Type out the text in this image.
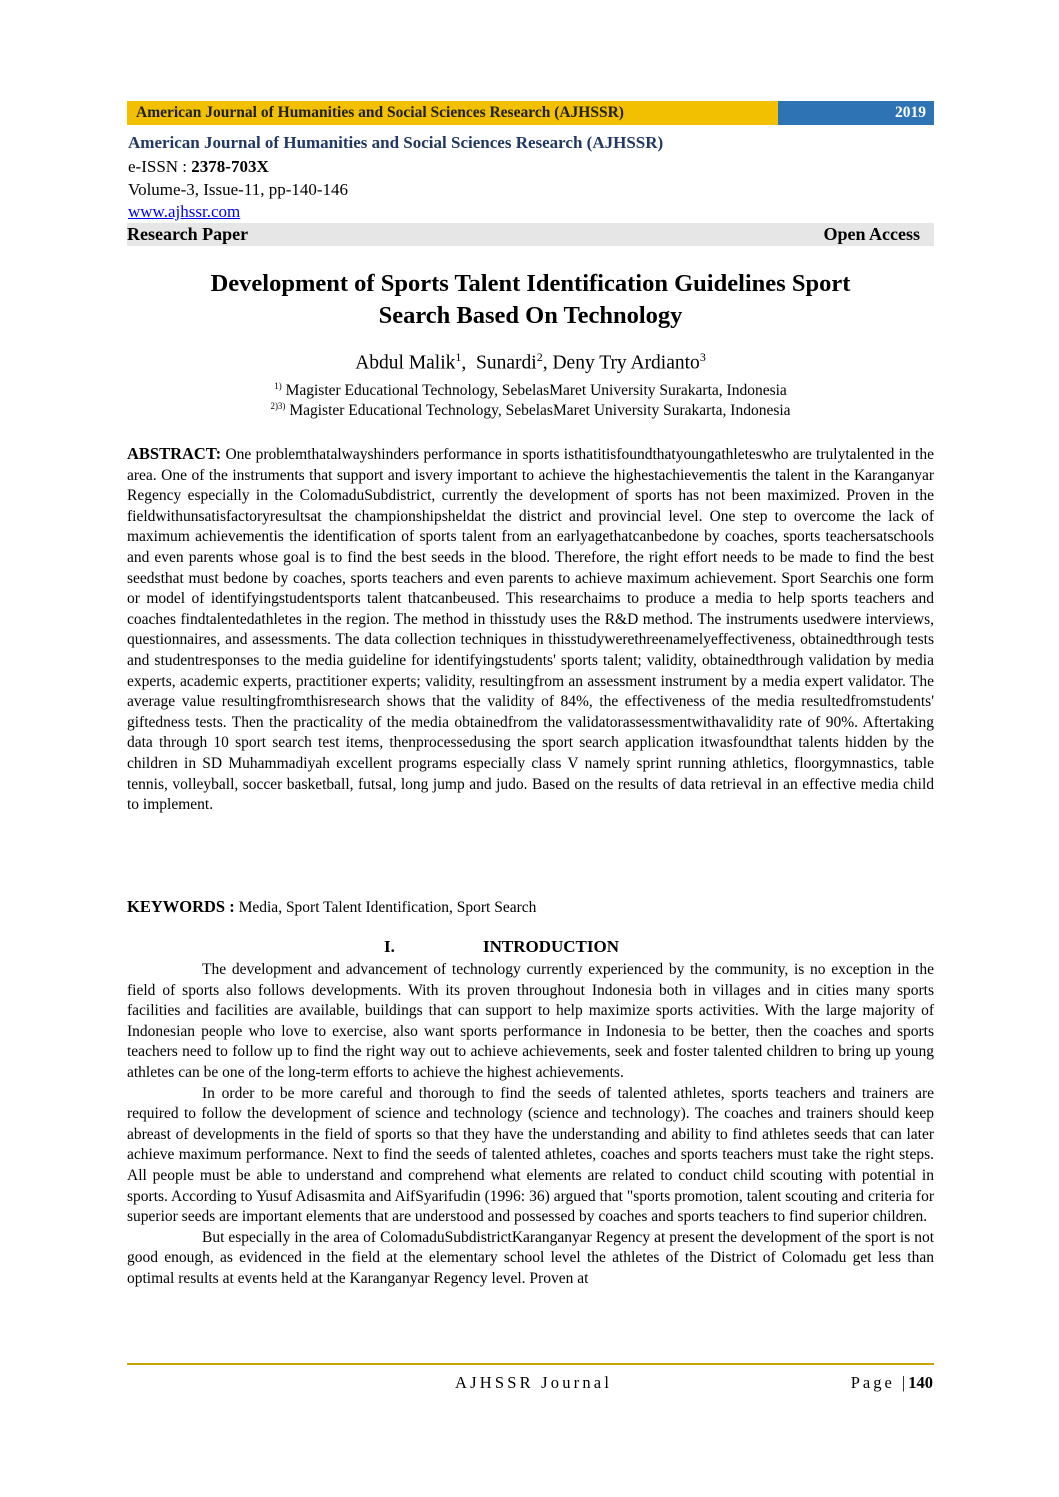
American Journal of Humanities and Social Sciences Research (AJHSSR)	2019
American Journal of Humanities and Social Sciences Research (AJHSSR)
e-ISSN : 2378-703X
Volume-3, Issue-11, pp-140-146
www.ajhssr.com
Research Paper	Open Access
Development of Sports Talent Identification Guidelines Sport
Search Based On Technology
Abdul Malik$^1$,  Sunardi$^2$, Deny Try Ardianto$^3$
$^{1)}$ Magister Educational Technology, SebelasMaret University Surakarta, Indonesia
$^{2)3)}$ Magister Educational Technology, SebelasMaret University Surakarta, Indonesia
ABSTRACT: One problemthatalwayshinders performance in sports isthatitisfoundthatyoungathleteswho are trulytalented in the area. One of the instruments that support and isvery important to achieve the highestachievementis the talent in the Karanganyar Regency especially in the ColomaduSubdistrict, currently the development of sports has not been maximized. Proven in the fieldwithunsatisfactoryresultsat the championshipsheldat the district and provincial level. One step to overcome the lack of maximum achievementis the identification of sports talent from an earlyagethatcanbedone by coaches, sports teachersatschools and even parents whose goal is to find the best seeds in the blood. Therefore, the right effort needs to be made to find the best seedsthat must bedone by coaches, sports teachers and even parents to achieve maximum achievement. Sport Searchis one form or model of identifyingstudentsports talent thatcanbeused. This researchaims to produce a media to help sports teachers and coaches findtalentedathletes in the region. The method in thisstudy uses the R&D method. The instruments usedwere interviews, questionnaires, and assessments. The data collection techniques in thisstudywerethreenamelyeffectiveness, obtainedthrough tests and studentresponses to the media guideline for identifyingstudents' sports talent; validity, obtainedthrough validation by media experts, academic experts, practitioner experts; validity, resultingfrom an assessment instrument by a media expert validator. The average value resultingfromthisresearch shows that the validity of 84%, the effectiveness of the media resultedfromstudents' giftedness tests. Then the practicality of the media obtainedfrom the validatorassessmentwithavalidity rate of 90%. Aftertaking data through 10 sport search test items, thenprocessedusing the sport search application itwasfoundthat talents hidden by the children in SD Muhammadiyah excellent programs especially class V namely sprint running athletics, floorgymnastics, table tennis, volleyball, soccer basketball, futsal, long jump and judo. Based on the results of data retrieval in an effective media child to implement.
KEYWORDS : Media, Sport Talent Identification, Sport Search
I.	INTRODUCTION

The development and advancement of technology currently experienced by the community, is no exception in the field of sports also follows developments. With its proven throughout Indonesia both in villages and in cities many sports facilities and facilities are available, buildings that can support to help maximize sports activities. With the large majority of Indonesian people who love to exercise, also want sports performance in Indonesia to be better, then the coaches and sports teachers need to follow up to find the right way out to achieve achievements, seek and foster talented children to bring up young athletes can be one of the long-term efforts to achieve the highest achievements.

In order to be more careful and thorough to find the seeds of talented athletes, sports teachers and trainers are required to follow the development of science and technology (science and technology). The coaches and trainers should keep abreast of developments in the field of sports so that they have the understanding and ability to find athletes seeds that can later achieve maximum performance. Next to find the seeds of talented athletes, coaches and sports teachers must take the right steps. All people must be able to understand and comprehend what elements are related to conduct child scouting with potential in sports. According to Yusuf Adisasmita and AifSyarifudin (1996: 36) argued that "sports promotion, talent scouting and criteria for superior seeds are important elements that are understood and possessed by coaches and sports teachers to find superior children.

But especially in the area of ColomaduSubdistrictKaranganyar Regency at present the development of the sport is not good enough, as evidenced in the field at the elementary school level the athletes of the District of Colomadu get less than optimal results at events held at the Karanganyar Regency level. Proven at

AJHSSR Journal	Page |140
